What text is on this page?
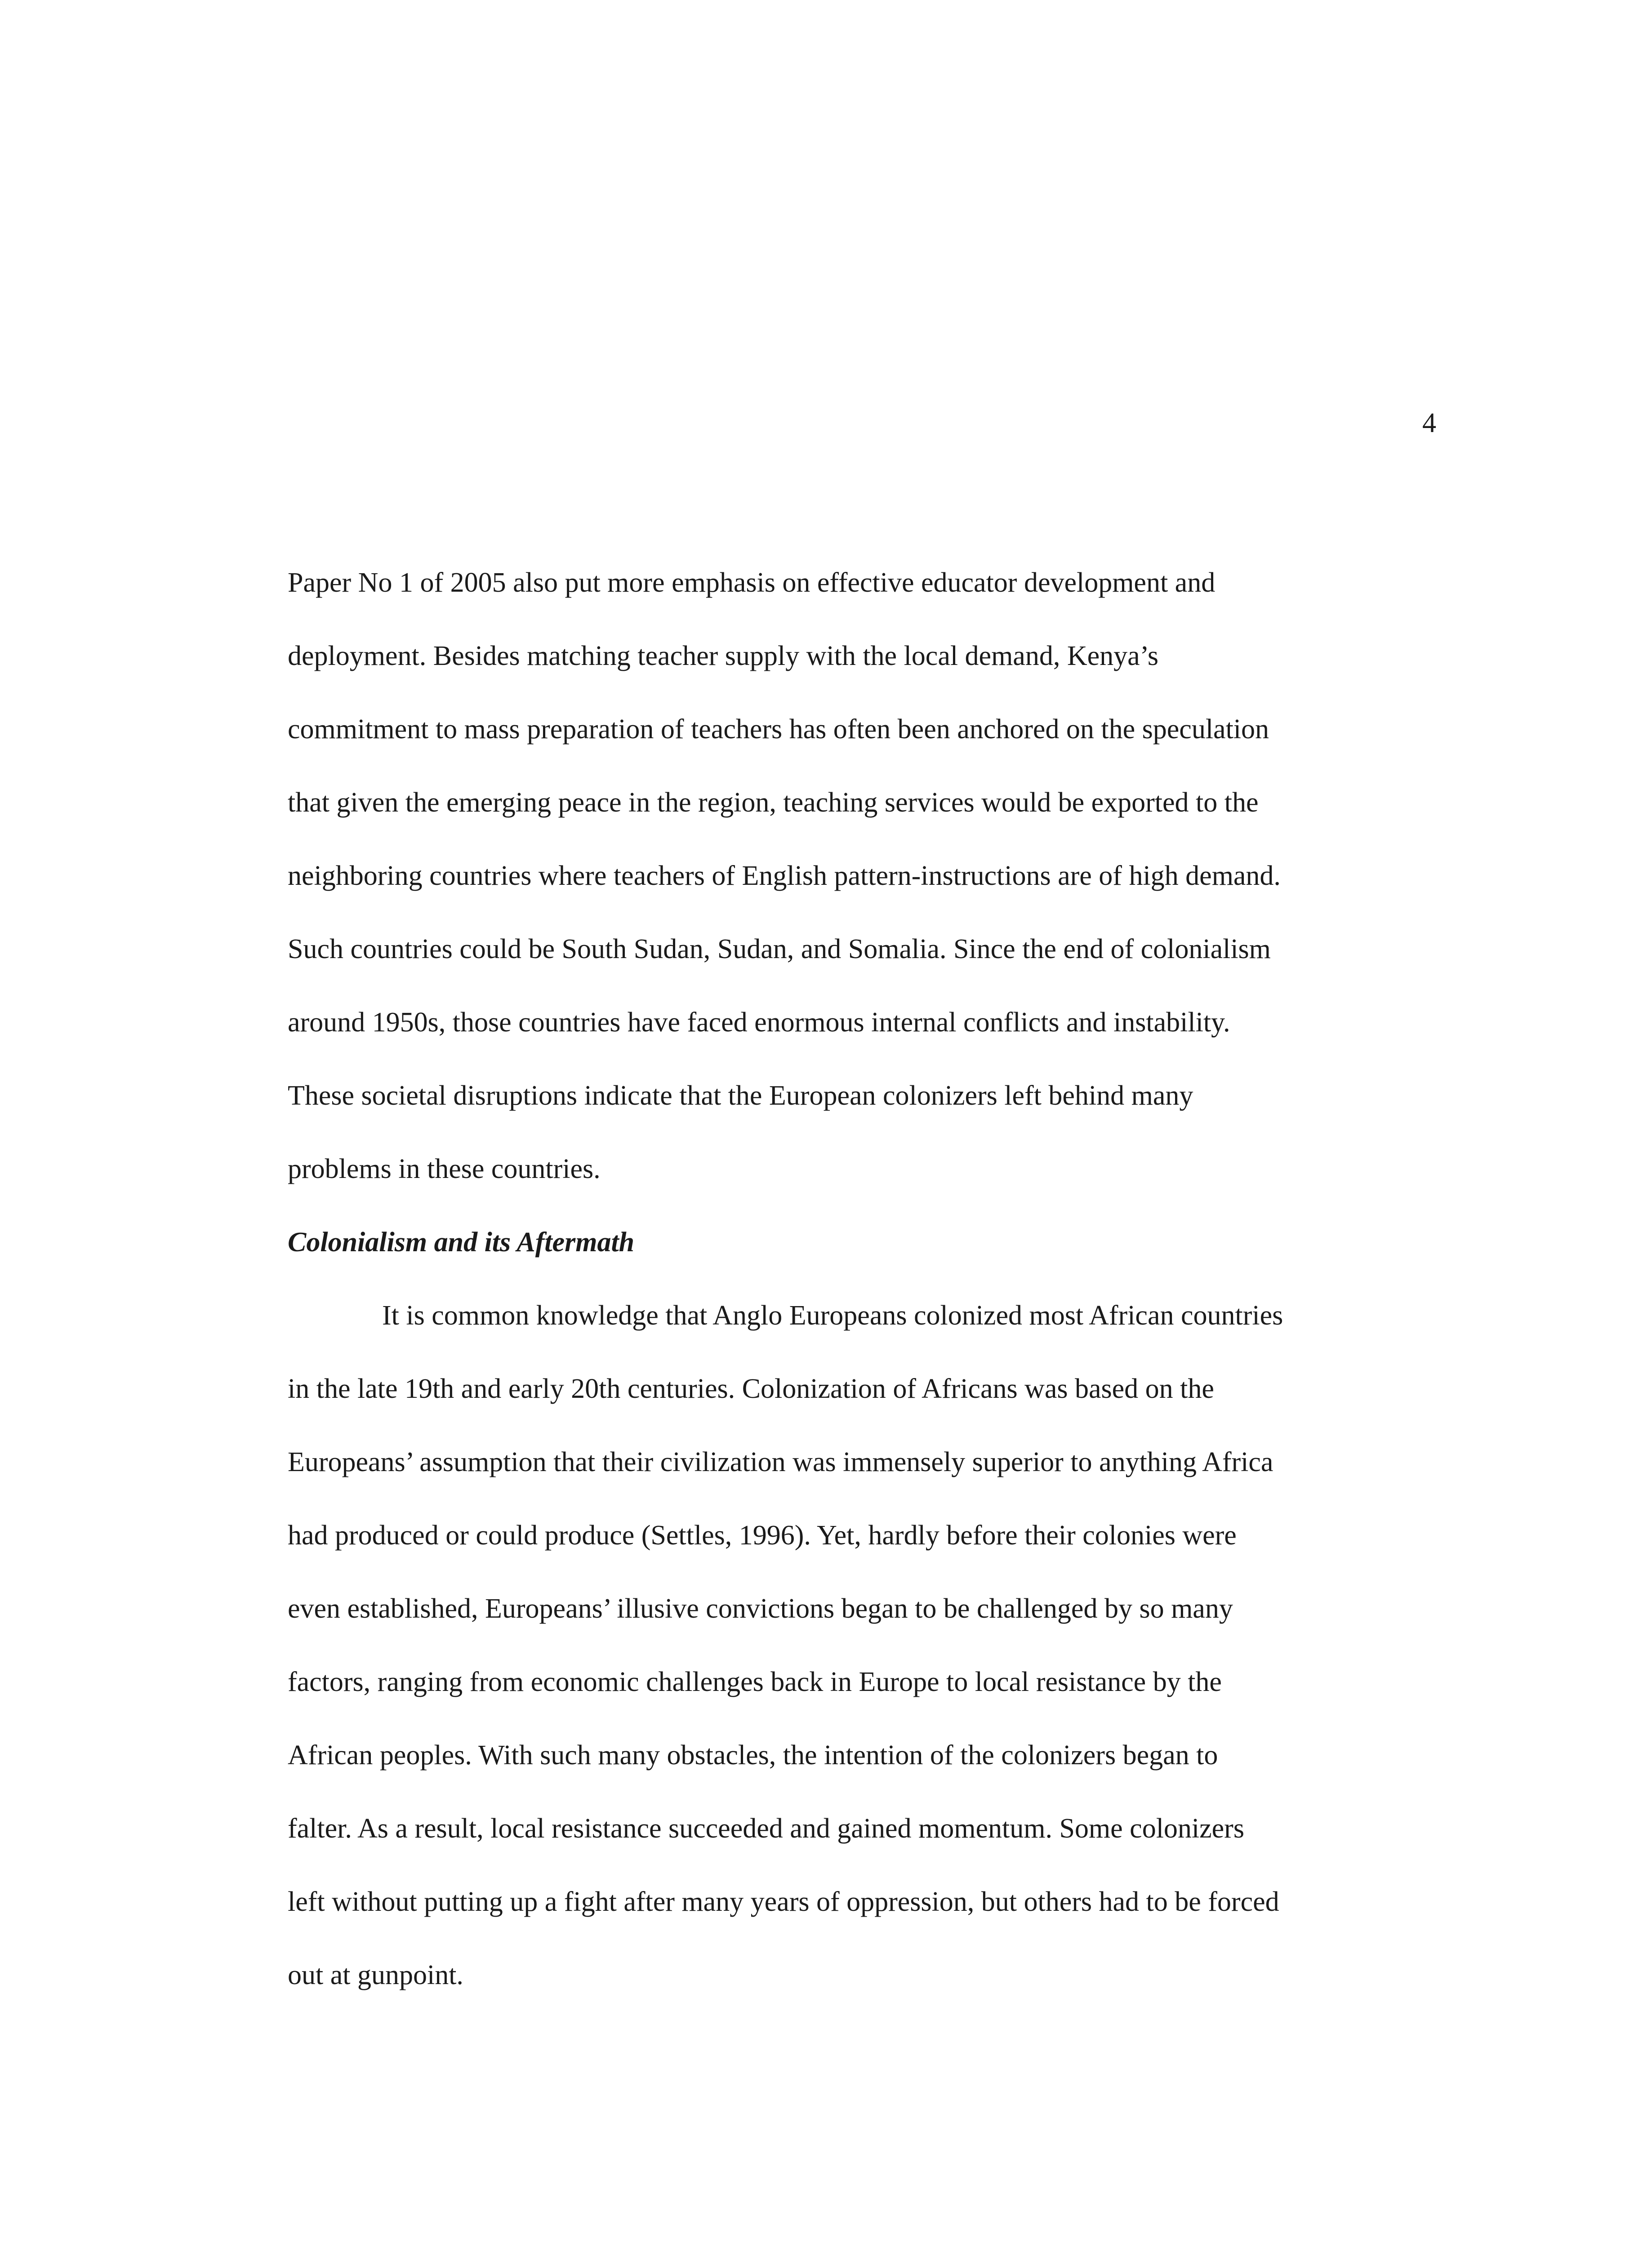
4
Paper No 1 of 2005 also put more emphasis on effective educator development and
deployment. Besides matching teacher supply with the local demand, Kenya’s
commitment to mass preparation of teachers has often been anchored on the speculation
that given the emerging peace in the region, teaching services would be exported to the
neighboring countries where teachers of English pattern-instructions are of high demand.
Such countries could be South Sudan, Sudan, and Somalia. Since the end of colonialism
around 1950s, those countries have faced enormous internal conflicts and instability.
These societal disruptions indicate that the European colonizers left behind many
problems in these countries.
Colonialism and its Aftermath
It is common knowledge that Anglo Europeans colonized most African countries
in the late 19th and early 20th centuries. Colonization of Africans was based on the
Europeans’ assumption that their civilization was immensely superior to anything Africa
had produced or could produce (Settles, 1996). Yet, hardly before their colonies were
even established, Europeans’ illusive convictions began to be challenged by so many
factors, ranging from economic challenges back in Europe to local resistance by the
African peoples. With such many obstacles, the intention of the colonizers began to
falter. As a result, local resistance succeeded and gained momentum. Some colonizers
left without putting up a fight after many years of oppression, but others had to be forced
out at gunpoint.
